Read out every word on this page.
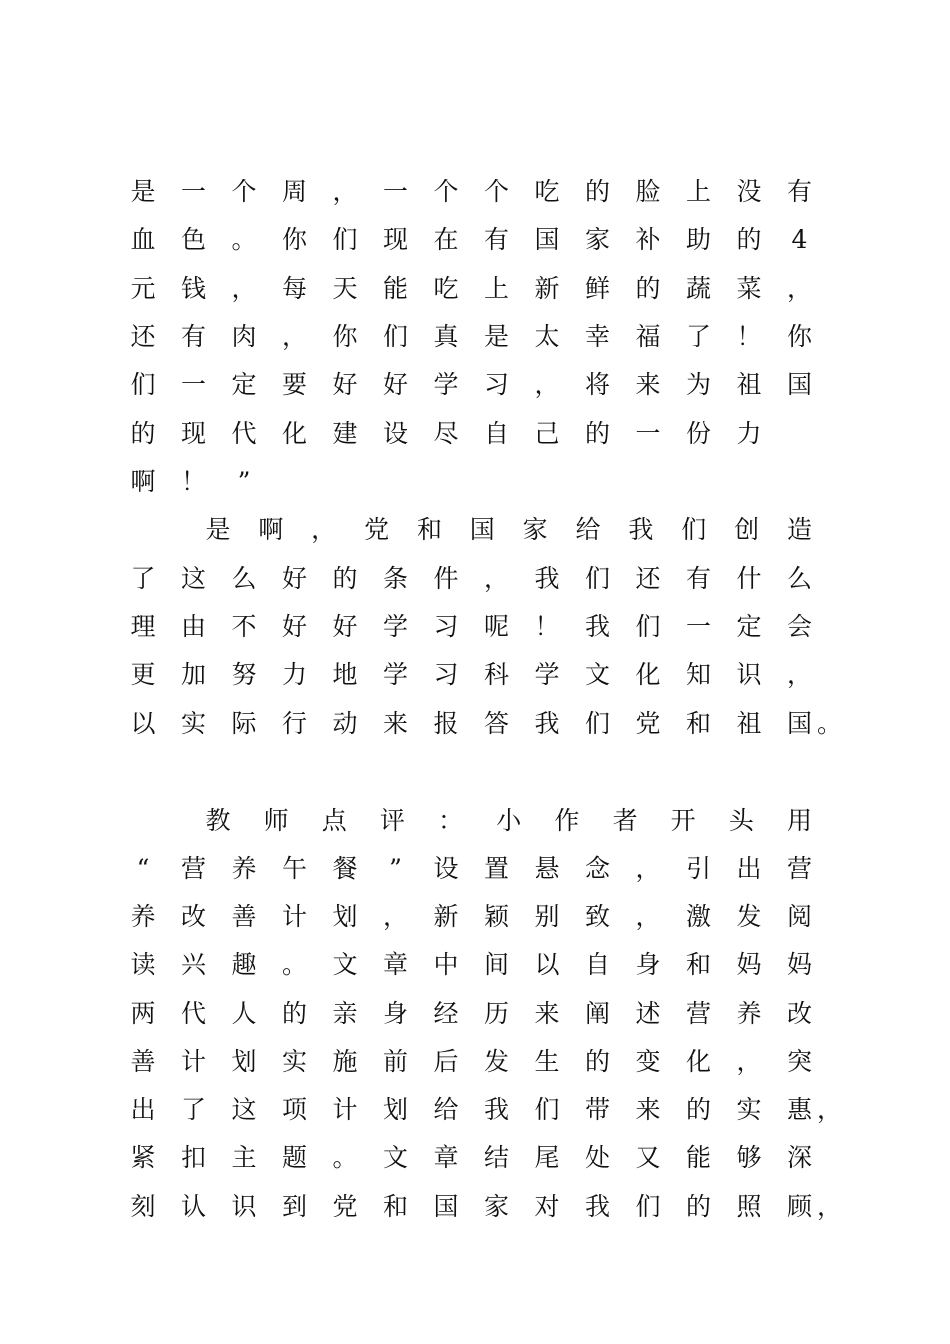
是 一 个 周 ， 一 个 个 吃 的 脸 上 没 有
血 色 。 你 们 现 在 有 国 家 补 助 的 4
元 钱 ， 每 天 能 吃 上 新 鲜 的 蔬 菜 ，
还 有 肉 ， 你 们 真 是 太 幸 福 了 ！ 你
们 一 定 要 好 好 学 习 ， 将 来 为 祖 国
的 现 代 化 建 设 尽 自 己 的 一 份 力
啊 ！	”
是 啊 ， 党 和 国 家 给 我 们 创 造
了 这 么 好 的 条 件 ， 我 们 还 有 什 么
理 由 不 好 好 学 习 呢 ！ 我 们 一 定 会
更 加 努 力 地 学 习 科 学 文 化 知 识 ，
以 实 际 行 动 来 报 答 我 们 党 和 祖 国 。
教 师 点 评 ： 小 作 者 开 头 用
“	营 养 午 餐	”	设 置 悬 念 ， 引 出 营
养 改 善 计 划 ， 新 颖 别 致 ， 激 发 阅
读 兴 趣 。 文 章 中 间 以 自 身 和 妈 妈
两 代 人 的 亲 身 经 历 来 阐 述 营 养 改
善 计 划 实 施 前 后 发 生 的 变 化 ， 突
出 了 这 项 计 划 给 我 们 带 来 的 实 惠 ，
紧 扣 主 题 。 文 章 结 尾 处 又 能 够 深
刻 认 识 到 党 和 国 家 对 我 们 的 照 顾 ，
